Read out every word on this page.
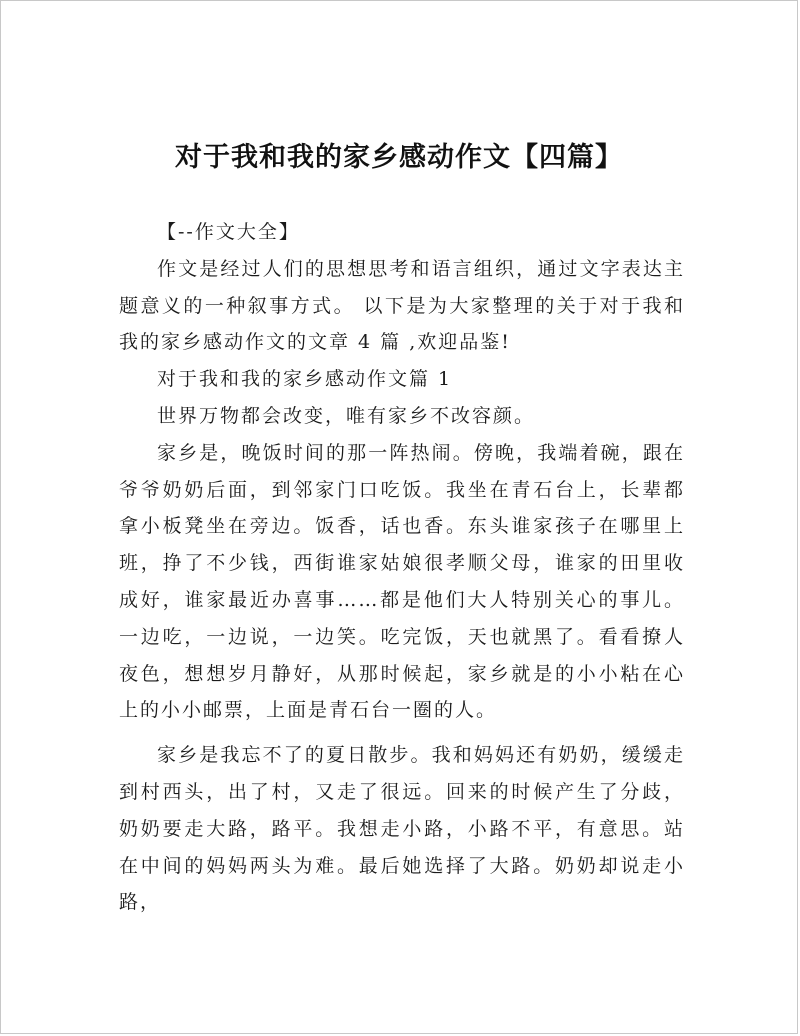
对于我和我的家乡感动作文【四篇】

【--作文大全】

作文是经过人们的思想思考和语言组织，通过文字表达主题意义的一种叙事方式。 以下是为大家整理的关于对于我和我的家乡感动作文的文章 4 篇 ,欢迎品鉴!

对于我和我的家乡感动作文篇 1

世界万物都会改变，唯有家乡不改容颜。

家乡是，晚饭时间的那一阵热闹。傍晚，我端着碗，跟在爷爷奶奶后面，到邻家门口吃饭。我坐在青石台上，长辈都拿小板凳坐在旁边。饭香，话也香。东头谁家孩子在哪里上班，挣了不少钱，西街谁家姑娘很孝顺父母，谁家的田里收成好，谁家最近办喜事……都是他们大人特别关心的事儿。一边吃，一边说，一边笑。吃完饭，天也就黑了。看看撩人夜色，想想岁月静好，从那时候起，家乡就是的小小粘在心上的小小邮票，上面是青石台一圈的人。

家乡是我忘不了的夏日散步。我和妈妈还有奶奶，缓缓走到村西头，出了村，又走了很远。回来的时候产生了分歧，奶奶要走大路，路平。我想走小路，小路不平，有意思。站在中间的妈妈两头为难。最后她选择了大路。奶奶却说走小路，
